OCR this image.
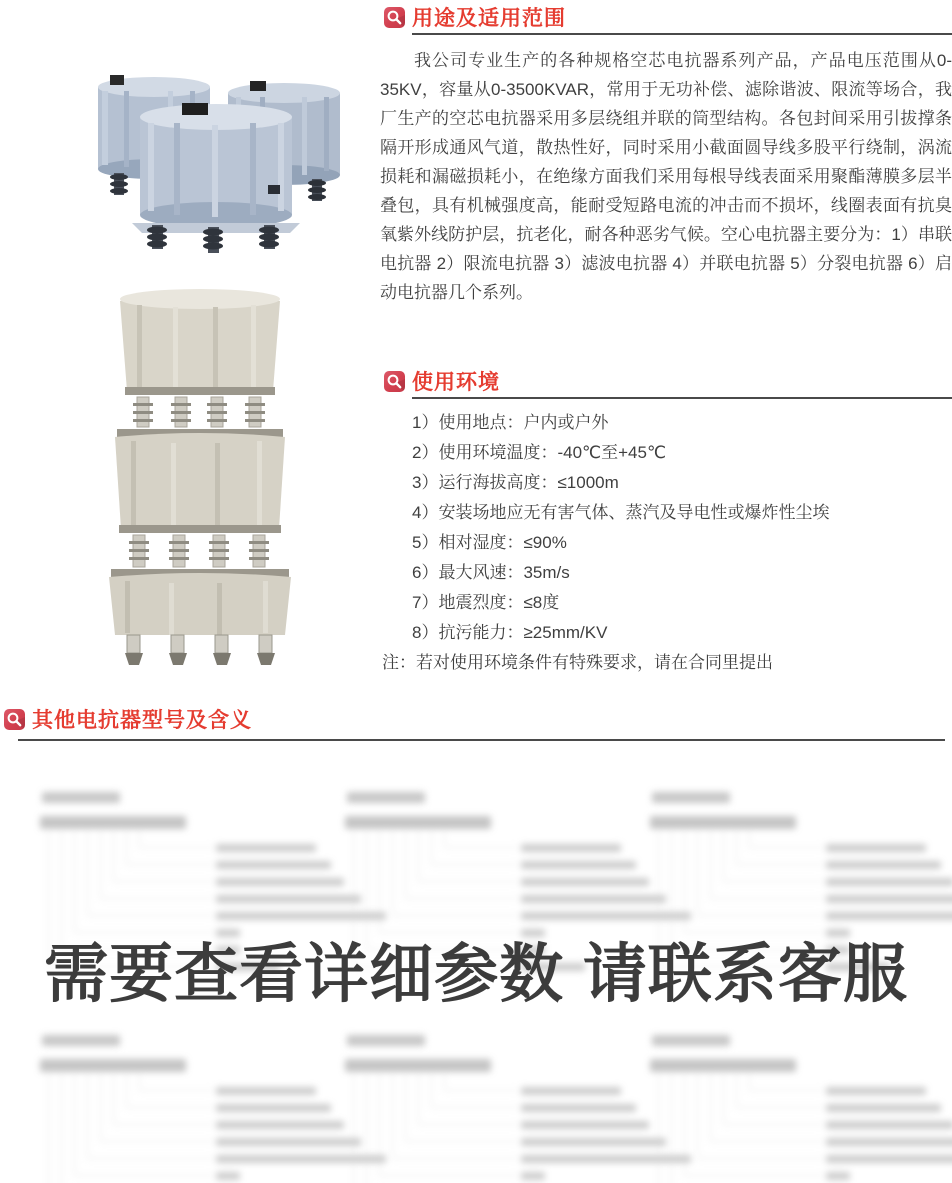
用途及适用范围
我公司专业生产的各种规格空芯电抗器系列产品，产品电压范围从0-35KV，容量从0-3500KVAR，常用于无功补偿、滤除谐波、限流等场合，我厂生产的空芯电抗器采用多层绕组并联的筒型结构。各包封间采用引拔撑条隔开形成通风气道，散热性好，同时采用小截面圆导线多股平行绕制，涡流损耗和漏磁损耗小，在绝缘方面我们采用每根导线表面采用聚酯薄膜多层半叠包，具有机械强度高，能耐受短路电流的冲击而不损坏，线圈表面有抗臭氧紫外线防护层，抗老化，耐各种恶劣气候。空心电抗器主要分为：1）串联电抗器 2）限流电抗器 3）滤波电抗器 4）并联电抗器 5）分裂电抗器 6）启动电抗器几个系列。
使用环境
1）使用地点：户内或户外
2）使用环境温度：-40℃至+45℃
3）运行海拔高度：≤1000m
4）安装场地应无有害气体、蒸汽及导电性或爆炸性尘埃
5）相对湿度：≤90%
6）最大风速：35m/s
7）地震烈度：≤8度
8）抗污能力：≥25mm/KV
注：若对使用环境条件有特殊要求，请在合同里提出
其他电抗器型号及含义
需要查看详细参数 请联系客服
